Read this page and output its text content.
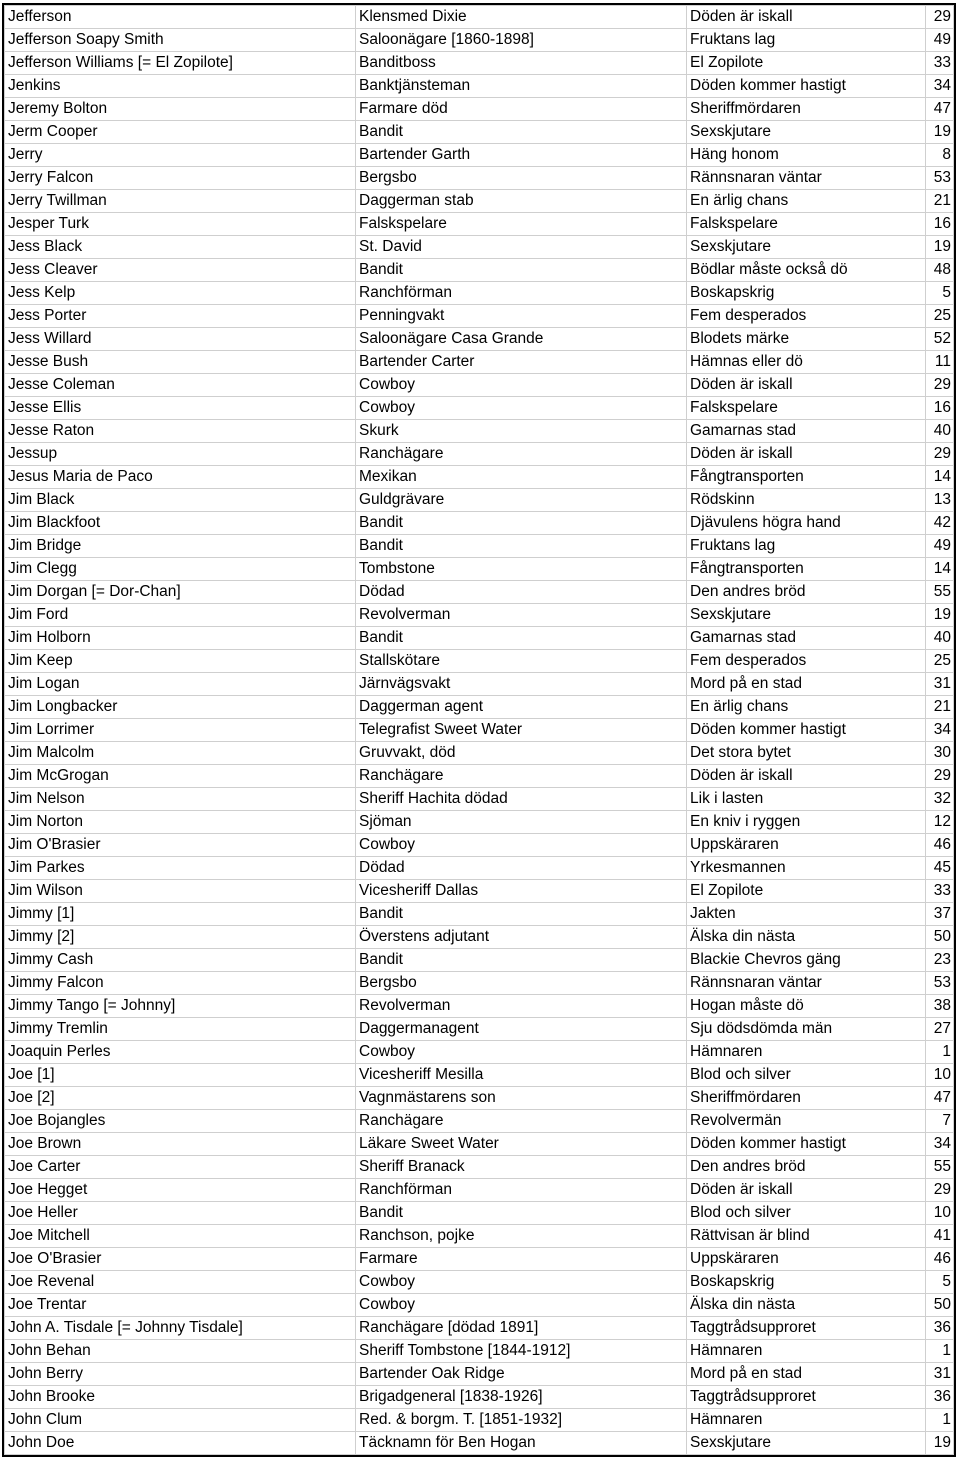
Jefferson	Klensmed Dixie	Döden är iskall	29
Jefferson Soapy Smith	Saloonägare [1860-1898]	Fruktans lag	49
Jefferson Williams [= El Zopilote]	Banditboss	El Zopilote	33
Jenkins	Banktjänsteman	Döden kommer hastigt	34
Jeremy Bolton	Farmare död	Sheriffmördaren	47
Jerm Cooper	Bandit	Sexskjutare	19
Jerry	Bartender Garth	Häng honom	8
Jerry Falcon	Bergsbo	Rännsnaran väntar	53
Jerry Twillman	Daggerman stab	En ärlig chans	21
Jesper Turk	Falskspelare	Falskspelare	16
Jess Black	St. David	Sexskjutare	19
Jess Cleaver	Bandit	Bödlar måste också dö	48
Jess Kelp	Ranchförman	Boskapskrig	5
Jess Porter	Penningvakt	Fem desperados	25
Jess Willard	Saloonägare Casa Grande	Blodets märke	52
Jesse Bush	Bartender Carter	Hämnas eller dö	11
Jesse Coleman	Cowboy	Döden är iskall	29
Jesse Ellis	Cowboy	Falskspelare	16
Jesse Raton	Skurk	Gamarnas stad	40
Jessup	Ranchägare	Döden är iskall	29
Jesus Maria de Paco	Mexikan	Fångtransporten	14
Jim Black	Guldgrävare	Rödskinn	13
Jim Blackfoot	Bandit	Djävulens högra hand	42
Jim Bridge	Bandit	Fruktans lag	49
Jim Clegg	Tombstone	Fångtransporten	14
Jim Dorgan [= Dor-Chan]	Dödad	Den andres bröd	55
Jim Ford	Revolverman	Sexskjutare	19
Jim Holborn	Bandit	Gamarnas stad	40
Jim Keep	Stallskötare	Fem desperados	25
Jim Logan	Järnvägsvakt	Mord på en stad	31
Jim Longbacker	Daggerman agent	En ärlig chans	21
Jim Lorrimer	Telegrafist Sweet Water	Döden kommer hastigt	34
Jim Malcolm	Gruvvakt, död	Det stora bytet	30
Jim McGrogan	Ranchägare	Döden är iskall	29
Jim Nelson	Sheriff Hachita dödad	Lik i lasten	32
Jim Norton	Sjöman	En kniv i ryggen	12
Jim O'Brasier	Cowboy	Uppskäraren	46
Jim Parkes	Dödad	Yrkesmannen	45
Jim Wilson	Vicesheriff Dallas	El Zopilote	33
Jimmy [1]	Bandit	Jakten	37
Jimmy [2]	Överstens adjutant	Älska din nästa	50
Jimmy Cash	Bandit	Blackie Chevros gäng	23
Jimmy Falcon	Bergsbo	Rännsnaran väntar	53
Jimmy Tango [= Johnny]	Revolverman	Hogan måste dö	38
Jimmy Tremlin	Daggermanagent	Sju dödsdömda män	27
Joaquin Perles	Cowboy	Hämnaren	1
Joe [1]	Vicesheriff Mesilla	Blod och silver	10
Joe [2]	Vagnmästarens son	Sheriffmördaren	47
Joe Bojangles	Ranchägare	Revolvermän	7
Joe Brown	Läkare Sweet Water	Döden kommer hastigt	34
Joe Carter	Sheriff Branack	Den andres bröd	55
Joe Hegget	Ranchförman	Döden är iskall	29
Joe Heller	Bandit	Blod och silver	10
Joe Mitchell	Ranchson, pojke	Rättvisan är blind	41
Joe O'Brasier	Farmare	Uppskäraren	46
Joe Revenal	Cowboy	Boskapskrig	5
Joe Trentar	Cowboy	Älska din nästa	50
John A. Tisdale [= Johnny Tisdale]	Ranchägare [dödad 1891]	Taggtrådsupproret	36
John Behan	Sheriff Tombstone [1844-1912]	Hämnaren	1
John Berry	Bartender Oak Ridge	Mord på en stad	31
John Brooke	Brigadgeneral [1838-1926]	Taggtrådsupproret	36
John Clum	Red. & borgm. T. [1851-1932]	Hämnaren	1
John Doe	Täcknamn för Ben Hogan	Sexskjutare	19
